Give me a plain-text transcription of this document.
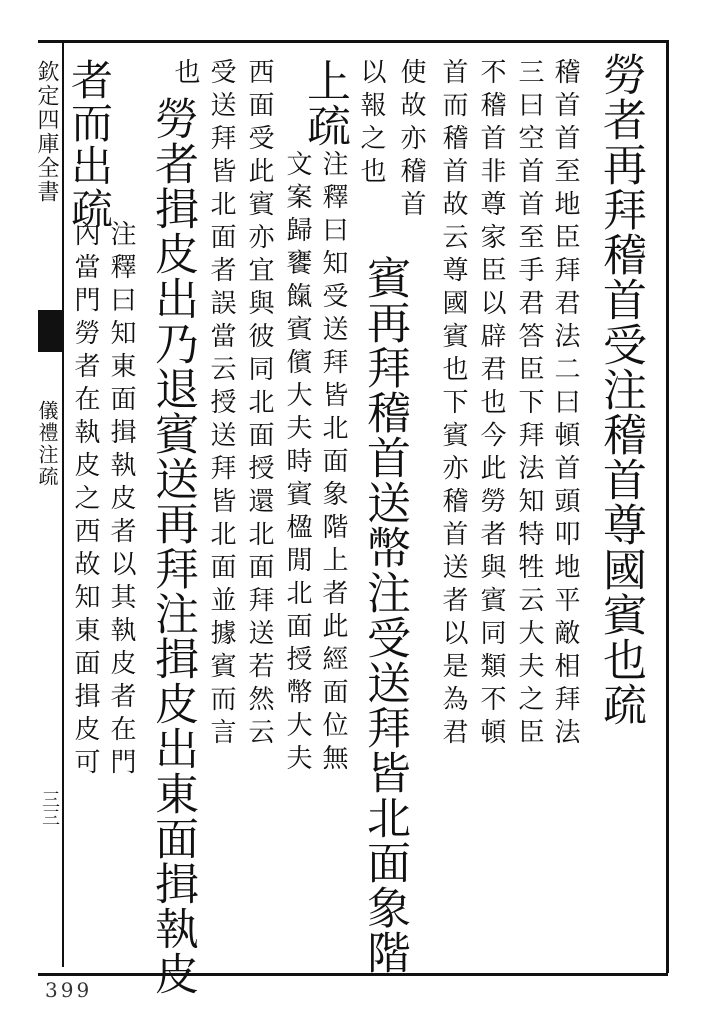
欽定四庫全書
儀禮注疏
三三
勞者再拜稽首受注稽首尊國賓也疏
稽首首至地臣拜君法二曰頓首頭叩地平敵相拜法
三曰空首首至手君答臣下拜法知特牲云大夫之臣
不稽首非尊家臣以辟君也今此勞者與賓同類不頓
首而稽首故云尊國賓也下賓亦稽首送者以是為君
使故亦稽首
賓再拜稽首送幣注受送拜皆北面象階
以報之也
上疏
注釋曰知受送拜皆北面象階上者此經面位無
文案歸饔餼賓儐大夫時賓楹閒北面授幣大夫
西面受此賓亦宜與彼同北面授還北面拜送若然云
受送拜皆北面者誤當云授送拜皆北面並據賓而言
也
勞者揖皮出乃退賓送再拜注揖皮出東面揖執皮
注釋曰知東面揖執皮者以其執皮者在門
內當門勞者在執皮之西故知東面揖皮可
者而出疏
399
